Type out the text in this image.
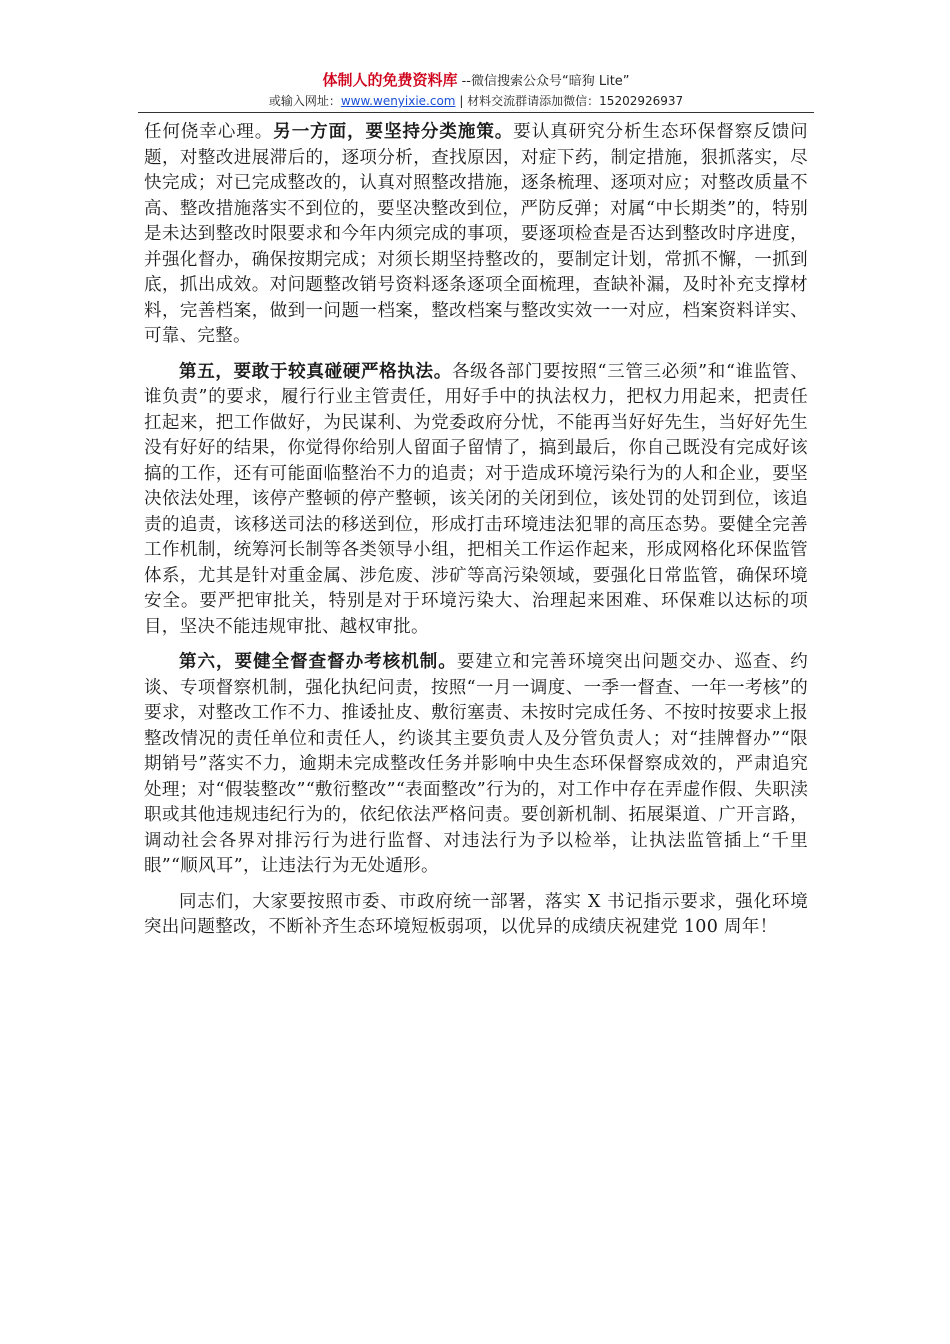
体制人的免费资料库 --微信搜索公众号“暗狗 Lite”
或输入网址：www.wenyixie.com | 材料交流群请添加微信：15202926937

任何侥幸心理。另一方面，要坚持分类施策。要认真研究分析生态环保督察反馈问题，对整改进展滞后的，逐项分析，查找原因，对症下药，制定措施，狠抓落实，尽快完成；对已完成整改的，认真对照整改措施，逐条梳理、逐项对应；对整改质量不高、整改措施落实不到位的，要坚决整改到位，严防反弹；对属“中长期类”的，特别是未达到整改时限要求和今年内须完成的事项，要逐项检查是否达到整改时序进度，并强化督办，确保按期完成；对须长期坚持整改的，要制定计划，常抓不懈，一抓到底，抓出成效。对问题整改销号资料逐条逐项全面梳理，查缺补漏，及时补充支撑材料，完善档案，做到一问题一档案，整改档案与整改实效一一对应，档案资料详实、可靠、完整。

第五，要敢于较真碰硬严格执法。各级各部门要按照“三管三必须”和“谁监管、谁负责”的要求，履行行业主管责任，用好手中的执法权力，把权力用起来，把责任扛起来，把工作做好，为民谋利、为党委政府分忧，不能再当好好先生，当好好先生没有好好的结果，你觉得你给别人留面子留情了，搞到最后，你自己既没有完成好该搞的工作，还有可能面临整治不力的追责；对于造成环境污染行为的人和企业，要坚决依法处理，该停产整顿的停产整顿，该关闭的关闭到位，该处罚的处罚到位，该追责的追责，该移送司法的移送到位，形成打击环境违法犯罪的高压态势。要健全完善工作机制，统筹河长制等各类领导小组，把相关工作运作起来，形成网格化环保监管体系，尤其是针对重金属、涉危废、涉矿等高污染领域，要强化日常监管，确保环境安全。要严把审批关，特别是对于环境污染大、治理起来困难、环保难以达标的项目，坚决不能违规审批、越权审批。

第六，要健全督查督办考核机制。要建立和完善环境突出问题交办、巡查、约谈、专项督察机制，强化执纪问责，按照“一月一调度、一季一督查、一年一考核”的要求，对整改工作不力、推诿扯皮、敷衍塞责、未按时完成任务、不按时按要求上报整改情况的责任单位和责任人，约谈其主要负责人及分管负责人；对“挂牌督办”“限期销号”落实不力，逾期未完成整改任务并影响中央生态环保督察成效的，严肃追究处理；对“假装整改”“敷衍整改”“表面整改”行为的，对工作中存在弄虚作假、失职渎职或其他违规违纪行为的，依纪依法严格问责。要创新机制、拓展渠道、广开言路，调动社会各界对排污行为进行监督、对违法行为予以检举，让执法监管插上“千里眼”“顺风耳”，让违法行为无处遁形。

同志们，大家要按照市委、市政府统一部署，落实 X 书记指示要求，强化环境突出问题整改，不断补齐生态环境短板弱项，以优异的成绩庆祝建党 100 周年！
